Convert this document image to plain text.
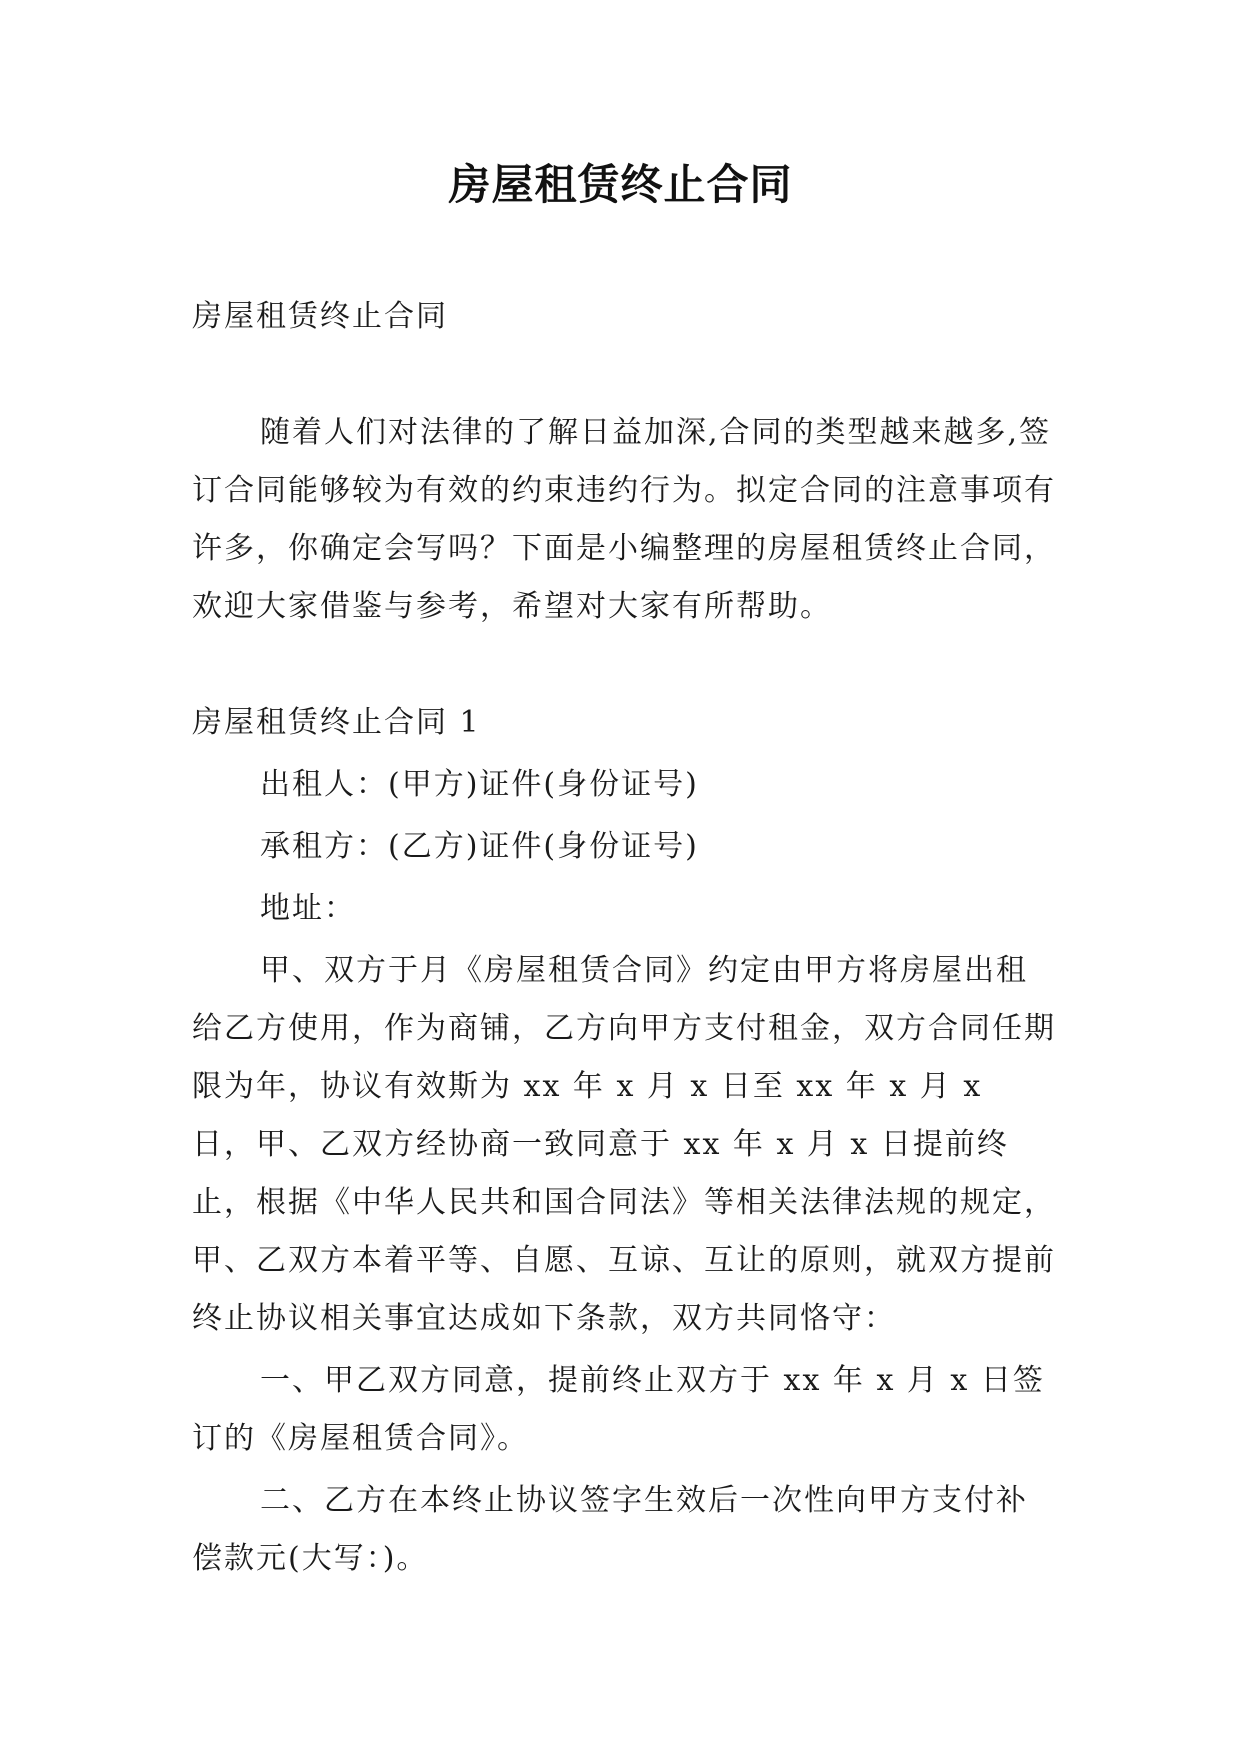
房屋租赁终止合同

房屋租赁终止合同

随着人们对法律的了解日益加深,合同的类型越来越多,签订合同能够较为有效的约束违约行为。拟定合同的注意事项有许多，你确定会写吗？下面是小编整理的房屋租赁终止合同，欢迎大家借鉴与参考，希望对大家有所帮助。

房屋租赁终止合同 1

出租人：(甲方)证件(身份证号)

承租方：(乙方)证件(身份证号)

地址：

甲、双方于月《房屋租赁合同》约定由甲方将房屋出租给乙方使用，作为商铺，乙方向甲方支付租金，双方合同任期限为年，协议有效斯为 xx 年 x 月 x 日至 xx 年 x 月 x 日，甲、乙双方经协商一致同意于 xx 年 x 月 x 日提前终止，根据《中华人民共和国合同法》等相关法律法规的规定，甲、乙双方本着平等、自愿、互谅、互让的原则，就双方提前终止协议相关事宜达成如下条款，双方共同恪守：

一、甲乙双方同意，提前终止双方于 xx 年 x 月 x 日签订的《房屋租赁合同》。

二、乙方在本终止协议签字生效后一次性向甲方支付补偿款元(大写：)。
